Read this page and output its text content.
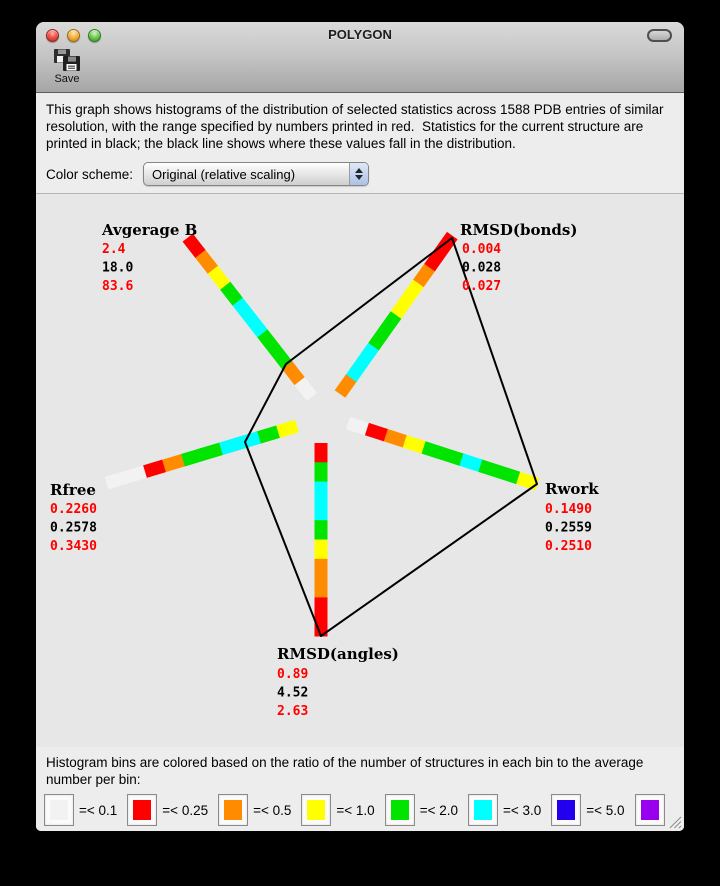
POLYGON
Save
This graph shows histograms of the distribution of selected statistics across 1588 PDB entries of similar resolution, with the range specified by numbers printed in red.  Statistics for the current structure are printed in black; the black line shows where these values fall in the distribution.
Color scheme:	Original (relative scaling)
Avgerage B
2.4
18.0
83.6
RMSD(bonds)
0.004
0.028
0.027
Rwork
0.1490
0.2559
0.2510
RMSD(angles)
0.89
4.52
2.63
Rfree
0.2260
0.2578
0.3430
Histogram bins are colored based on the ratio of the number of structures in each bin to the average number per bin:
=< 0.1	=< 0.25	=< 0.5	=< 1.0	=< 2.0	=< 3.0	=< 5.0
